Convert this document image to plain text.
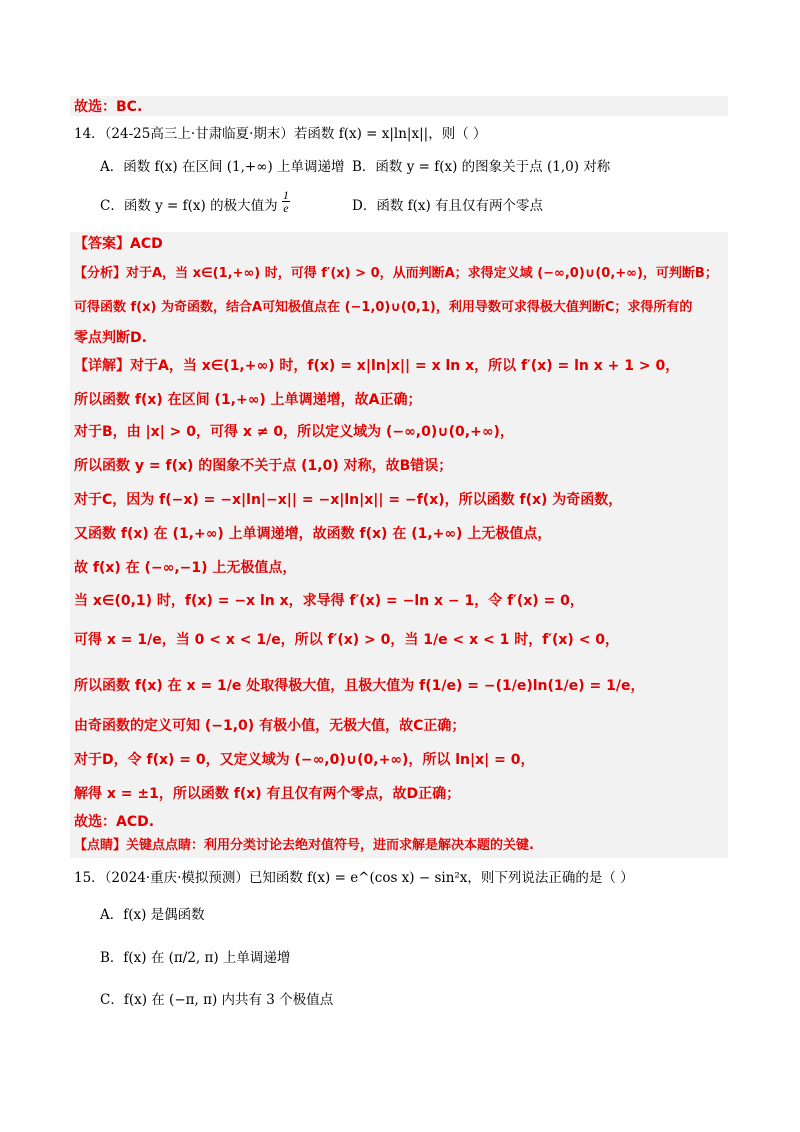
故选：BC.
14．（24-25高三上·甘肃临夏·期末）若函数 f(x) = x|ln|x||，则（ ）
A．函数 f(x) 在区间 (1,+∞) 上单调递增 B．函数 y = f(x) 的图象关于点 (1,0) 对称
C．函数 y = f(x) 的极大值为 $\frac{1}{e}$	D．函数 f(x) 有且仅有两个零点
【答案】ACD
【分析】对于A，当 x∈(1,+∞) 时，可得 f′(x) > 0，从而判断A；求得定义域 (−∞,0)∪(0,+∞)，可判断B；
可得函数 f(x) 为奇函数，结合A可知极值点在 (−1,0)∪(0,1)，利用导数可求得极大值判断C；求得所有的
零点判断D.
【详解】对于A，当 x∈(1,+∞) 时，f(x) = x|ln|x|| = x ln x，所以 f′(x) = ln x + 1 > 0，
所以函数 f(x) 在区间 (1,+∞) 上单调递增，故A正确；
对于B，由 |x| > 0，可得 x ≠ 0，所以定义域为 (−∞,0)∪(0,+∞)，
所以函数 y = f(x) 的图象不关于点 (1,0) 对称，故B错误；
对于C，因为 f(−x) = −x|ln|−x|| = −x|ln|x|| = −f(x)，所以函数 f(x) 为奇函数，
又函数 f(x) 在 (1,+∞) 上单调递增，故函数 f(x) 在 (1,+∞) 上无极值点，
故 f(x) 在 (−∞,−1) 上无极值点，
当 x∈(0,1) 时，f(x) = −x ln x，求导得 f′(x) = −ln x − 1，令 f′(x) = 0，
可得 x = 1/e，当 0 < x < 1/e，所以 f′(x) > 0，当 1/e < x < 1 时，f′(x) < 0，
所以函数 f(x) 在 x = 1/e 处取得极大值，且极大值为 f(1/e) = −(1/e)ln(1/e) = 1/e，
由奇函数的定义可知 (−1,0) 有极小值，无极大值，故C正确；
对于D，令 f(x) = 0，又定义域为 (−∞,0)∪(0,+∞)，所以 ln|x| = 0，
解得 x = ±1，所以函数 f(x) 有且仅有两个零点，故D正确；
故选：ACD.
【点睛】关键点点睛：利用分类讨论去绝对值符号，进而求解是解决本题的关键.
15．（2024·重庆·模拟预测）已知函数 f(x) = e^(cos x) − sin²x，则下列说法正确的是（ ）
A．f(x) 是偶函数
B．f(x) 在 (π/2, π) 上单调递增
C．f(x) 在 (−π, π) 内共有 3 个极值点
